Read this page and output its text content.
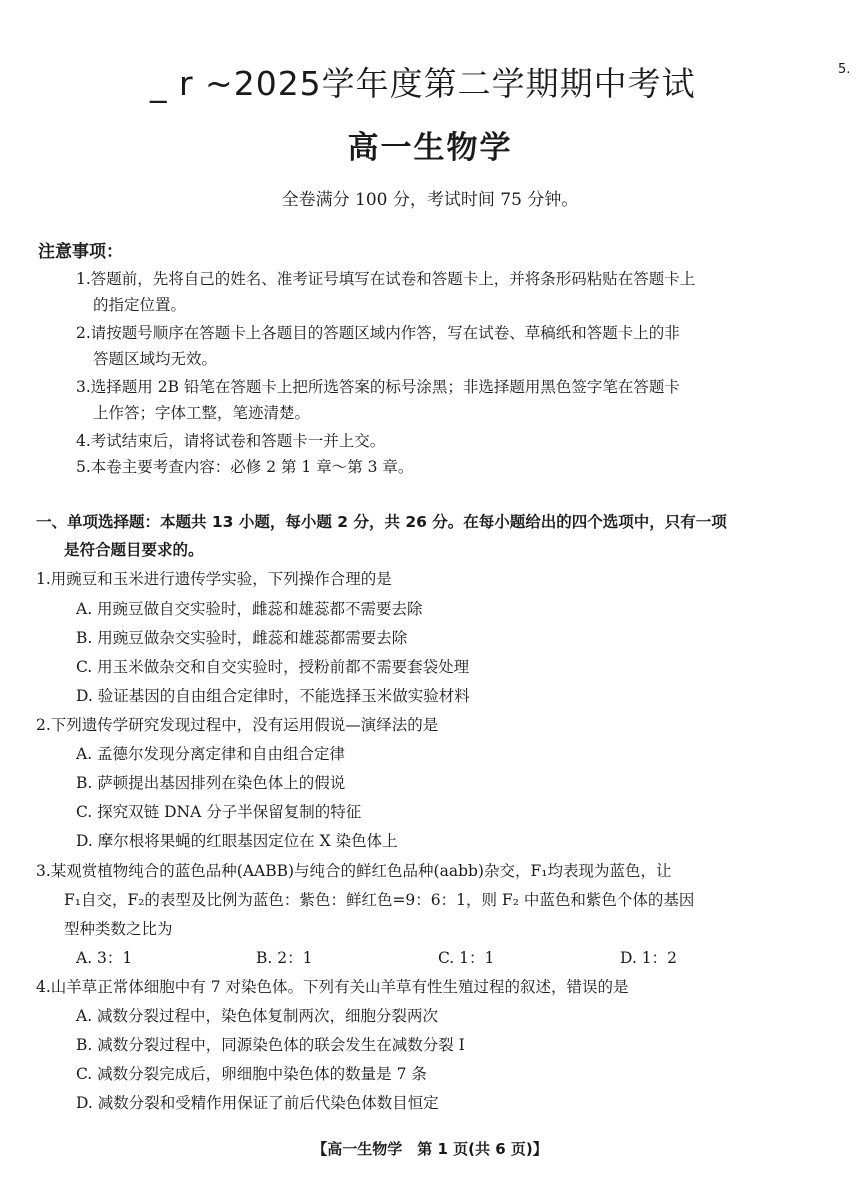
_ r ~2025学年度第二学期期中考试	5.
高一生物学
全卷满分 100 分，考试时间 75 分钟。
注意事项：
1.答题前，先将自己的姓名、准考证号填写在试卷和答题卡上，并将条形码粘贴在答题卡上
的指定位置。
2.请按题号顺序在答题卡上各题目的答题区域内作答，写在试卷、草稿纸和答题卡上的非
答题区域均无效。
3.选择题用 2B 铅笔在答题卡上把所选答案的标号涂黑；非选择题用黑色签字笔在答题卡
上作答；字体工整，笔迹清楚。
4.考试结束后，请将试卷和答题卡一并上交。
5.本卷主要考查内容：必修 2 第 1 章～第 3 章。
一、单项选择题：本题共 13 小题，每小题 2 分，共 26 分。在每小题给出的四个选项中，只有一项
是符合题目要求的。
1.用豌豆和玉米进行遗传学实验，下列操作合理的是
A. 用豌豆做自交实验时，雌蕊和雄蕊都不需要去除
B. 用豌豆做杂交实验时，雌蕊和雄蕊都需要去除
C. 用玉米做杂交和自交实验时，授粉前都不需要套袋处理
D. 验证基因的自由组合定律时，不能选择玉米做实验材料
2.下列遗传学研究发现过程中，没有运用假说—演绎法的是
A. 孟德尔发现分离定律和自由组合定律
B. 萨顿提出基因排列在染色体上的假说
C. 探究双链 DNA 分子半保留复制的特征
D. 摩尔根将果蝇的红眼基因定位在 X 染色体上
3.某观赏植物纯合的蓝色品种(AABB)与纯合的鲜红色品种(aabb)杂交，F₁均表现为蓝色，让
F₁自交，F₂的表型及比例为蓝色：紫色：鲜红色=9：6：1，则 F₂ 中蓝色和紫色个体的基因
型种类数之比为
A. 3：1	B. 2：1	C. 1：1	D. 1：2
4.山羊草正常体细胞中有 7 对染色体。下列有关山羊草有性生殖过程的叙述，错误的是
A. 减数分裂过程中，染色体复制两次，细胞分裂两次
B. 减数分裂过程中，同源染色体的联会发生在减数分裂 I
C. 减数分裂完成后，卵细胞中染色体的数量是 7 条
D. 减数分裂和受精作用保证了前后代染色体数目恒定
【高一生物学　第 1 页(共 6 页)】
